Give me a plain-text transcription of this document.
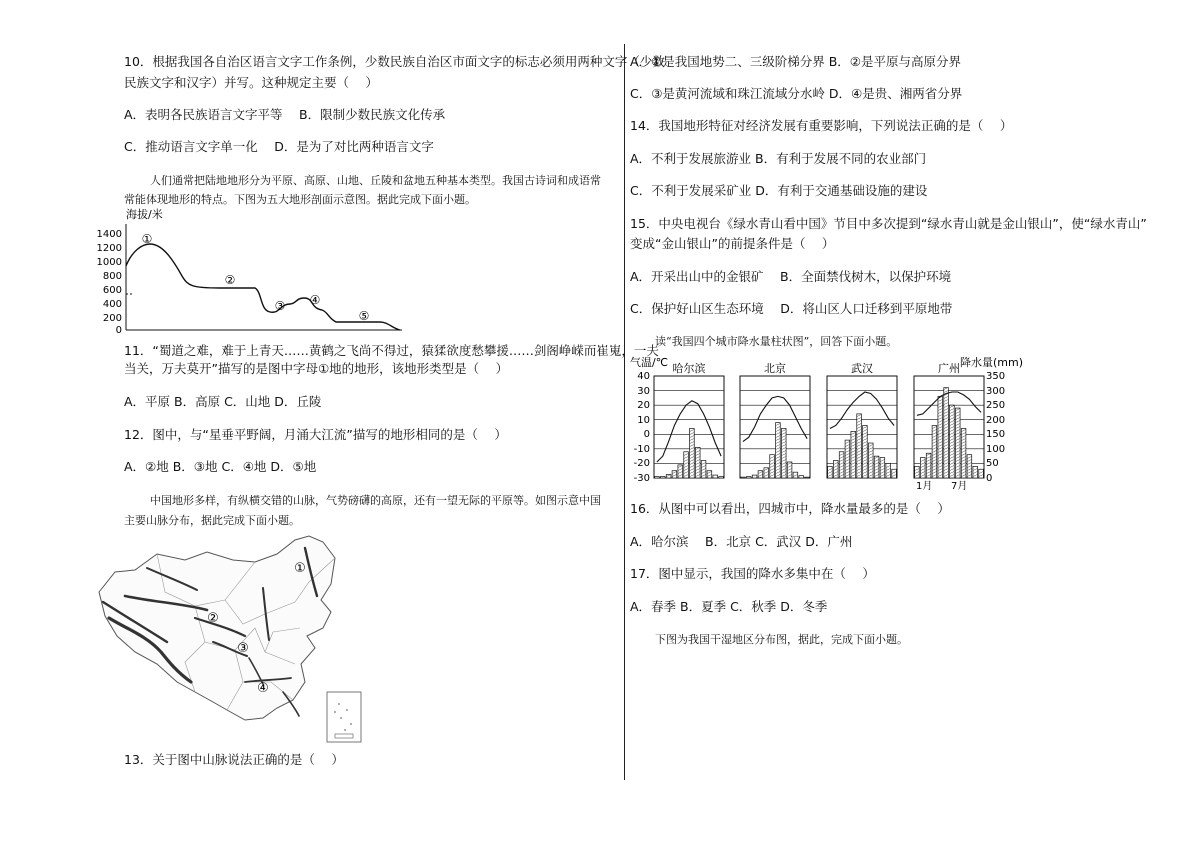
10．根据我国各自治区语言文字工作条例，少数民族自治区市面文字的标志必须用两种文字（少数
民族文字和汉字）并写。这种规定主要（　 ）
A．表明各民族语言文字平等　 B．限制少数民族文化传承
C．推动语言文字单一化　 D．是为了对比两种语言文字
人们通常把陆地地形分为平原、高原、山地、丘陵和盆地五种基本类型。我国古诗词和成语常
常能体现地形的特点。下图为五大地形剖面示意图。据此完成下面小题。
海拔/米
1400
1200
1000
800
600
400
200
0
①
②
③ ④
⑤
11．“蜀道之难，难于上青天……黄鹤之飞尚不得过，猿猱欲度愁攀援……剑阁峥嵘而崔嵬，一夫
当关，万夫莫开”描写的是图中字母①地的地形，该地形类型是（　 ）
A．平原 B．高原 C．山地 D．丘陵
12．图中，与“星垂平野阔，月涌大江流”描写的地形相同的是（　 ）
A．②地 B．③地 C．④地 D．⑤地
中国地形多样，有纵横交错的山脉，气势磅礴的高原，还有一望无际的平原等。如图示意中国
主要山脉分布，据此完成下面小题。
①
②
③
④
13．关于图中山脉说法正确的是（　 ）
A．①是我国地势二、三级阶梯分界 B．②是平原与高原分界
C．③是黄河流域和珠江流域分水岭 D．④是贵、湘两省分界
14．我国地形特征对经济发展有重要影响，下列说法正确的是（　 ）
A．不利于发展旅游业 B．有利于发展不同的农业部门
C．不利于发展采矿业 D．有利于交通基础设施的建设
15．中央电视台《绿水青山看中国》节目中多次提到“绿水青山就是金山银山”，使“绿水青山”
变成“金山银山”的前提条件是（　 ）
A．开采出山中的金银矿　 B．全面禁伐树木，以保护环境
C．保护好山区生态环境　 D．将山区人口迁移到平原地带
读“我国四个城市降水量柱状图”，回答下面小题。
气温/℃	降水量(mm)
40
30
20
10
0
-10
-20
-30
350
300
250
200
150
100
50
0
哈尔滨	北京	武汉	广州
1月 7月
16．从图中可以看出，四城市中，降水量最多的是（　 ）
A．哈尔滨　 B．北京 C．武汉 D．广州
17．图中显示，我国的降水多集中在（　 ）
A．春季 B．夏季 C．秋季 D．冬季
下图为我国干湿地区分布图，据此，完成下面小题。
